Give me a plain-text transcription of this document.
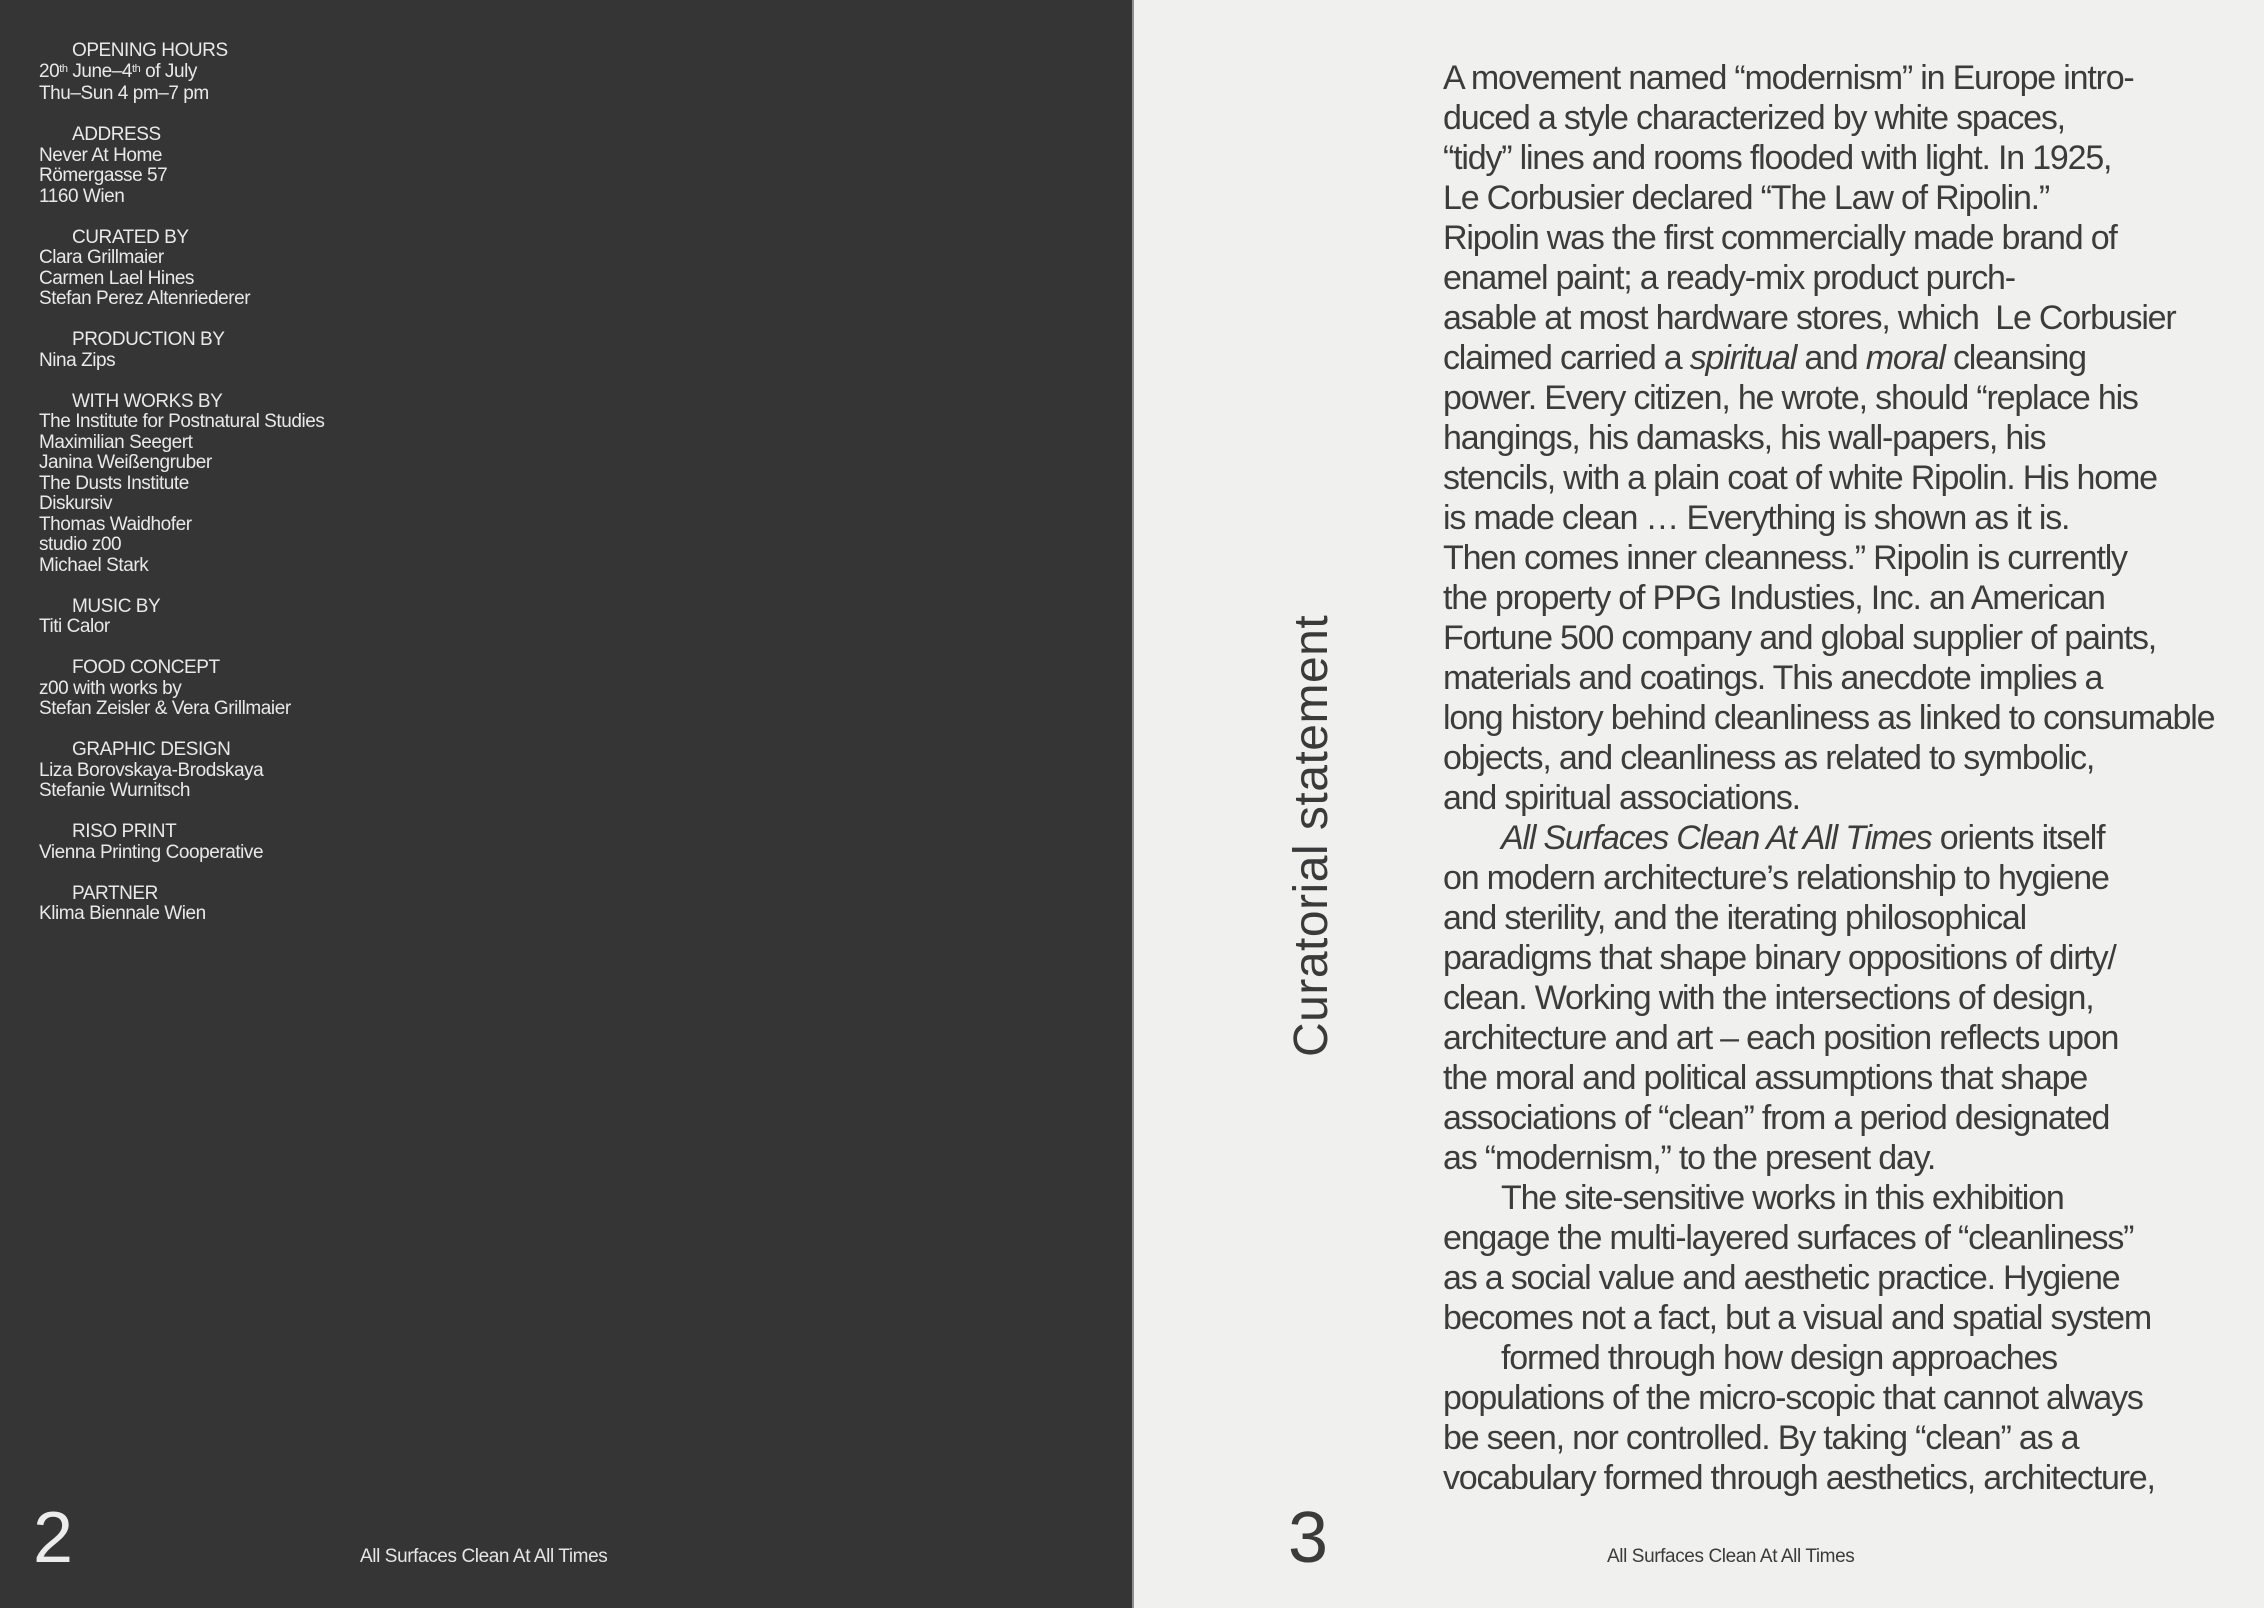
OPENING HOURS
20th June–4th of July
Thu–Sun 4 pm–7 pm
ADDRESS
Never At Home
Römergasse 57
1160 Wien
CURATED BY
Clara Grillmaier
Carmen Lael Hines
Stefan Perez Altenriederer
PRODUCTION BY
Nina Zips
WITH WORKS BY
The Institute for Postnatural Studies
Maximilian Seegert
Janina Weißengruber
The Dusts Institute
Diskursiv
Thomas Waidhofer
studio z00
Michael Stark
MUSIC BY
Titi Calor
FOOD CONCEPT
z00 with works by
Stefan Zeisler & Vera Grillmaier
GRAPHIC DESIGN
Liza Borovskaya-Brodskaya
Stefanie Wurnitsch
RISO PRINT
Vienna Printing Cooperative
PARTNER
Klima Biennale Wien
2	All Surfaces Clean At All Times
Curatorial statement
A movement named “modernism” in Europe intro-
duced a style characterized by white spaces,
“tidy” lines and rooms flooded with light. In 1925,
Le Corbusier declared “The Law of Ripolin.”
Ripolin was the first commercially made brand of
enamel paint; a ready-mix product purch-
asable at most hardware stores, which  Le Corbusier
claimed carried a spiritual and moral cleansing
power. Every citizen, he wrote, should “replace his
hangings, his damasks, his wall-papers, his
stencils, with a plain coat of white Ripolin. His home
is made clean … Everything is shown as it is.
Then comes inner cleanness.” Ripolin is currently
the property of PPG Industies, Inc. an American
Fortune 500 company and global supplier of paints,
materials and coatings. This anecdote implies a
long history behind cleanliness as linked to consumable
objects, and cleanliness as related to symbolic,
and spiritual associations.
	All Surfaces Clean At All Times orients itself
on modern architecture’s relationship to hygiene
and sterility, and the iterating philosophical
paradigms that shape binary oppositions of dirty/
clean. Working with the intersections of design,
architecture and art – each position reflects upon
the moral and political assumptions that shape
associations of “clean” from a period designated
as “modernism,” to the present day.
	The site-sensitive works in this exhibition
engage the multi-layered surfaces of “cleanliness”
as a social value and aesthetic practice. Hygiene
becomes not a fact, but a visual and spatial system
	formed through how design approaches
populations of the micro-scopic that cannot always
be seen, nor controlled. By taking “clean” as a
vocabulary formed through aesthetics, architecture,
3	All Surfaces Clean At All Times
